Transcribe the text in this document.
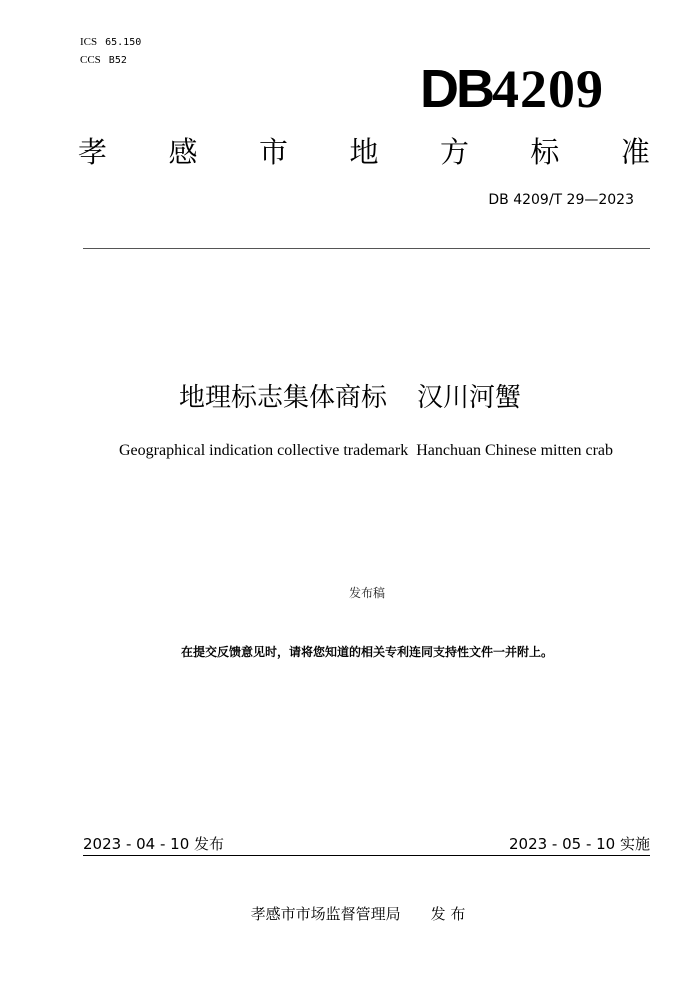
ICS 65.150
CCS B52	DB4209
孝 感 市 地 方 标 准
DB 4209/T 29—2023
地理标志集体商标 汉川河蟹
Geographical indication collective trademark  Hanchuan Chinese mitten crab
发布稿
在提交反馈意见时，请将您知道的相关专利连同支持性文件一并附上。
2023 - 04 - 10 发布	2023 - 05 - 10 实施
孝感市市场监督管理局 发 布
